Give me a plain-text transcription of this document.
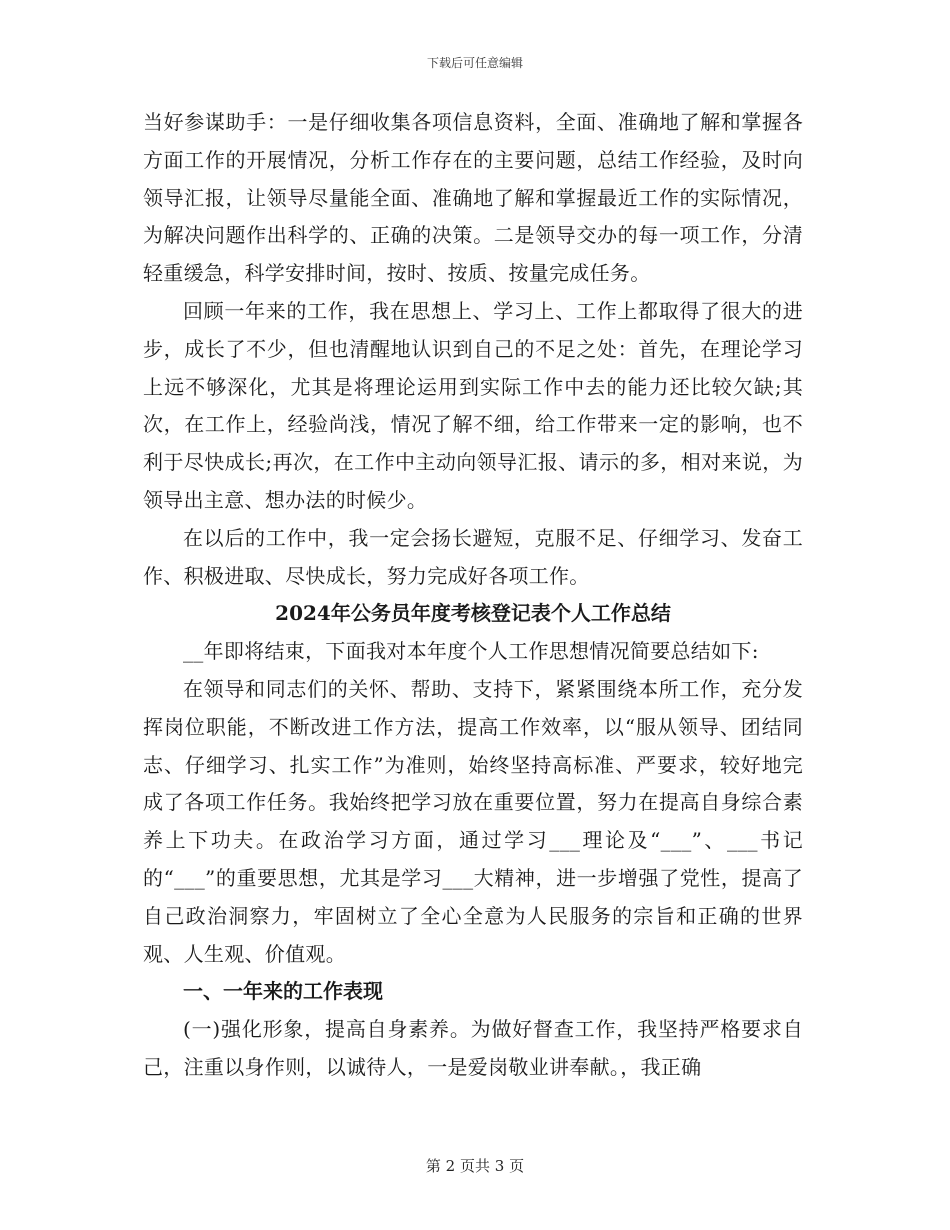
下载后可任意编辑

当好参谋助手：一是仔细收集各项信息资料，全面、准确地了解和掌握各方面工作的开展情况，分析工作存在的主要问题，总结工作经验，及时向领导汇报，让领导尽量能全面、准确地了解和掌握最近工作的实际情况，为解决问题作出科学的、正确的决策。二是领导交办的每一项工作，分清轻重缓急，科学安排时间，按时、按质、按量完成任务。

回顾一年来的工作，我在思想上、学习上、工作上都取得了很大的进步，成长了不少，但也清醒地认识到自己的不足之处：首先，在理论学习上远不够深化，尤其是将理论运用到实际工作中去的能力还比较欠缺;其次，在工作上，经验尚浅，情况了解不细，给工作带来一定的影响，也不利于尽快成长;再次，在工作中主动向领导汇报、请示的多，相对来说，为领导出主意、想办法的时候少。

在以后的工作中，我一定会扬长避短，克服不足、仔细学习、发奋工作、积极进取、尽快成长，努力完成好各项工作。

2024年公务员年度考核登记表个人工作总结

__年即将结束，下面我对本年度个人工作思想情况简要总结如下:

在领导和同志们的关怀、帮助、支持下，紧紧围绕本所工作，充分发挥岗位职能，不断改进工作方法，提高工作效率，以“服从领导、团结同志、仔细学习、扎实工作”为准则，始终坚持高标准、严要求，较好地完成了各项工作任务。我始终把学习放在重要位置，努力在提高自身综合素养上下功夫。在政治学习方面，通过学习___理论及“___”、___书记的“___”的重要思想，尤其是学习___大精神，进一步增强了党性，提高了自己政治洞察力，牢固树立了全心全意为人民服务的宗旨和正确的世界观、人生观、价值观。

一、一年来的工作表现

(一)强化形象，提高自身素养。为做好督查工作，我坚持严格要求自己，注重以身作则，以诚待人，一是爱岗敬业讲奉献。，我正确

第 2 页共 3 页
